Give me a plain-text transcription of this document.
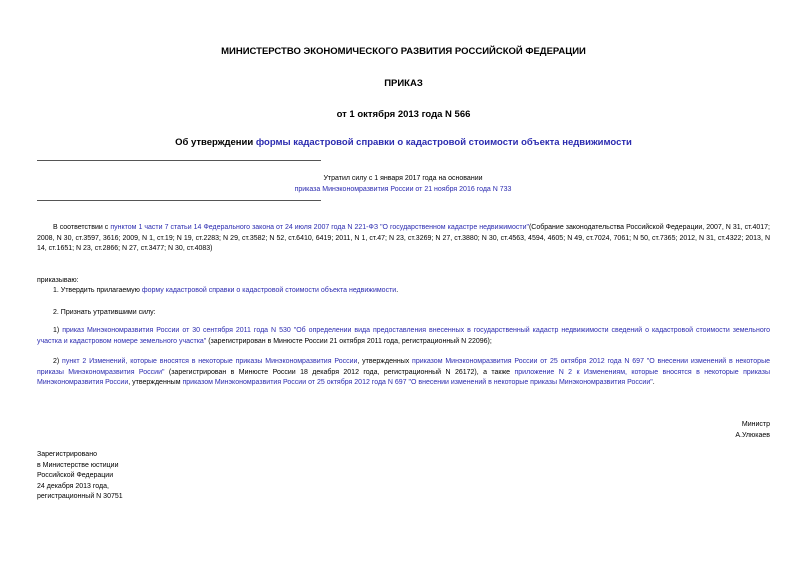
МИНИСТЕРСТВО ЭКОНОМИЧЕСКОГО РАЗВИТИЯ РОССИЙСКОЙ ФЕДЕРАЦИИ
ПРИКАЗ
от 1 октября 2013 года N 566
Об утверждении формы кадастровой справки о кадастровой стоимости объекта недвижимости
Утратил силу с 1 января 2017 года на основании
приказа Минэкономразвития России от 21 ноября 2016 года N 733
В соответствии с пунктом 1 части 7 статьи 14 Федерального закона от 24 июля 2007 года N 221-ФЗ "О государственном кадастре недвижимости"(Собрание законодательства Российской Федерации, 2007, N 31, ст.4017; 2008, N 30, ст.3597, 3616; 2009, N 1, ст.19; N 19, ст.2283; N 29, ст.3582; N 52, ст.6410, 6419; 2011, N 1, ст.47; N 23, ст.3269; N 27, ст.3880; N 30, ст.4563, 4594, 4605; N 49, ст.7024, 7061; N 50, ст.7365; 2012, N 31, ст.4322; 2013, N 14, ст.1651; N 23, ст.2866; N 27, ст.3477; N 30, ст.4083)
приказываю:
1. Утвердить прилагаемую форму кадастровой справки о кадастровой стоимости объекта недвижимости.
2. Признать утратившими силу:
1) приказ Минэкономразвития России от 30 сентября 2011 года N 530 "Об определении вида предоставления внесенных в государственный кадастр недвижимости сведений о кадастровой стоимости земельного участка и кадастровом номере земельного участка" (зарегистрирован в Минюсте России 21 октября 2011 года, регистрационный N 22096);
2) пункт 2 Изменений, которые вносятся в некоторые приказы Минэкономразвития России, утвержденных приказом Минэкономразвития России от 25 октября 2012 года N 697 "О внесении изменений в некоторые приказы Минэкономразвития России" (зарегистрирован в Минюсте России 18 декабря 2012 года, регистрационный N 26172), а также приложение N 2 к Изменениям, которые вносятся в некоторые приказы Минэкономразвития России, утвержденным приказом Минэкономразвития России от 25 октября 2012 года N 697 "О внесении изменений в некоторые приказы Минэкономразвития России".
Министр
А.Улюкаев
Зарегистрировано
в Министерстве юстиции
Российской Федерации
24 декабря 2013 года,
регистрационный N 30751
